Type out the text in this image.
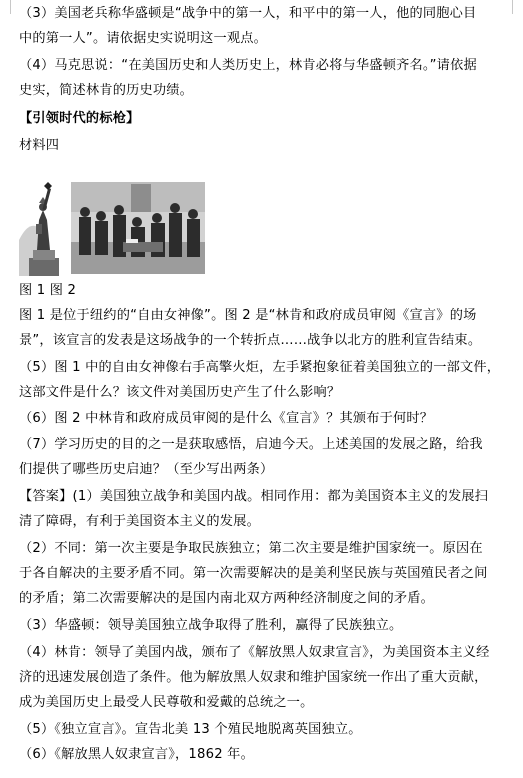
（3）美国老兵称华盛顿是“战争中的第一人，和平中的第一人，他的同胞心目
中的第一人”。请依据史实说明这一观点。
（4）马克思说：“在美国历史和人类历史上，林肯必将与华盛顿齐名。”请依据
史实，简述林肯的历史功绩。
【引领时代的标枪】
材料四
图 1 图 2
图 1 是位于纽约的“自由女神像”。图 2 是“林肯和政府成员审阅《宣言》的场
景”，该宣言的发表是这场战争的一个转折点……战争以北方的胜利宣告结束。
（5）图 1 中的自由女神像右手高擎火炬，左手紧抱象征着美国独立的一部文件，
这部文件是什么？该文件对美国历史产生了什么影响？
（6）图 2 中林肯和政府成员审阅的是什么《宣言》？其颁布于何时？
（7）学习历史的目的之一是获取感悟，启迪今天。上述美国的发展之路，给我
们提供了哪些历史启迪？（至少写出两条）
【答案】(1）美国独立战争和美国内战。相同作用：都为美国资本主义的发展扫
清了障碍，有利于美国资本主义的发展。
（2）不同：第一次主要是争取民族独立；第二次主要是维护国家统一。原因在
于各自解决的主要矛盾不同。第一次需要解决的是美利坚民族与英国殖民者之间
的矛盾；第二次需要解决的是国内南北双方两种经济制度之间的矛盾。
（3）华盛顿：领导美国独立战争取得了胜利，赢得了民族独立。
（4）林肯：领导了美国内战，颁布了《解放黑人奴隶宣言》，为美国资本主义经
济的迅速发展创造了条件。他为解放黑人奴隶和维护国家统一作出了重大贡献，
成为美国历史上最受人民尊敬和爱戴的总统之一。
（5）《独立宣言》。宣告北美 13 个殖民地脱离英国独立。
（6）《解放黑人奴隶宣言》，1862 年。
